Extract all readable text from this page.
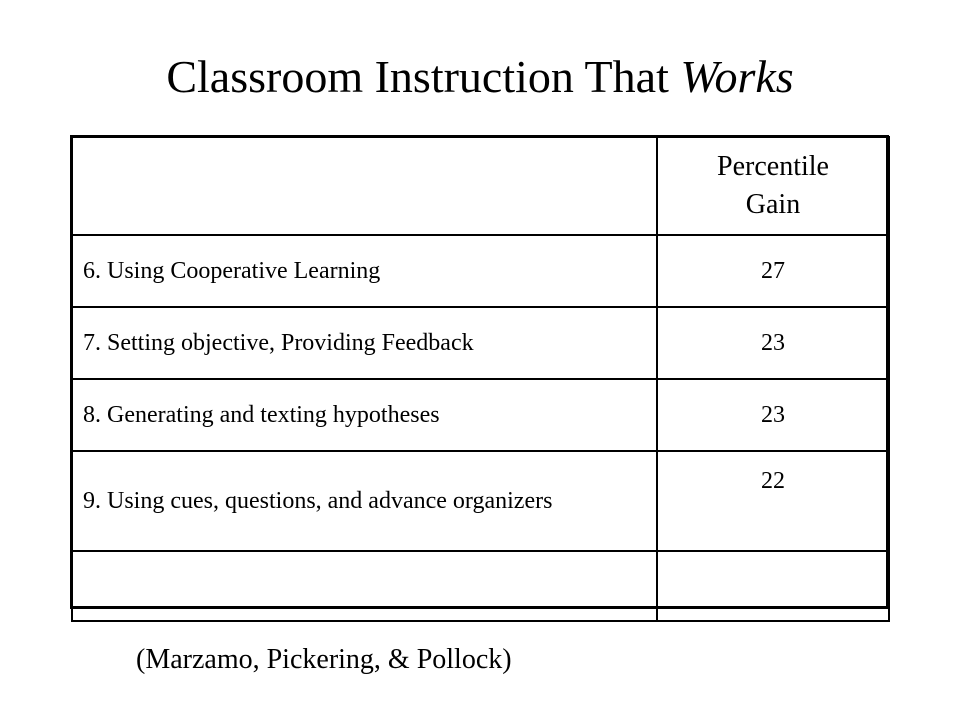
Classroom Instruction That Works

	Percentile
Gain

6. Using Cooperative Learning	27
7. Setting objective, Providing Feedback	23
8. Generating and texting hypotheses	23
9. Using cues, questions, and advance organizers	22

(Marzamo, Pickering, & Pollock)
